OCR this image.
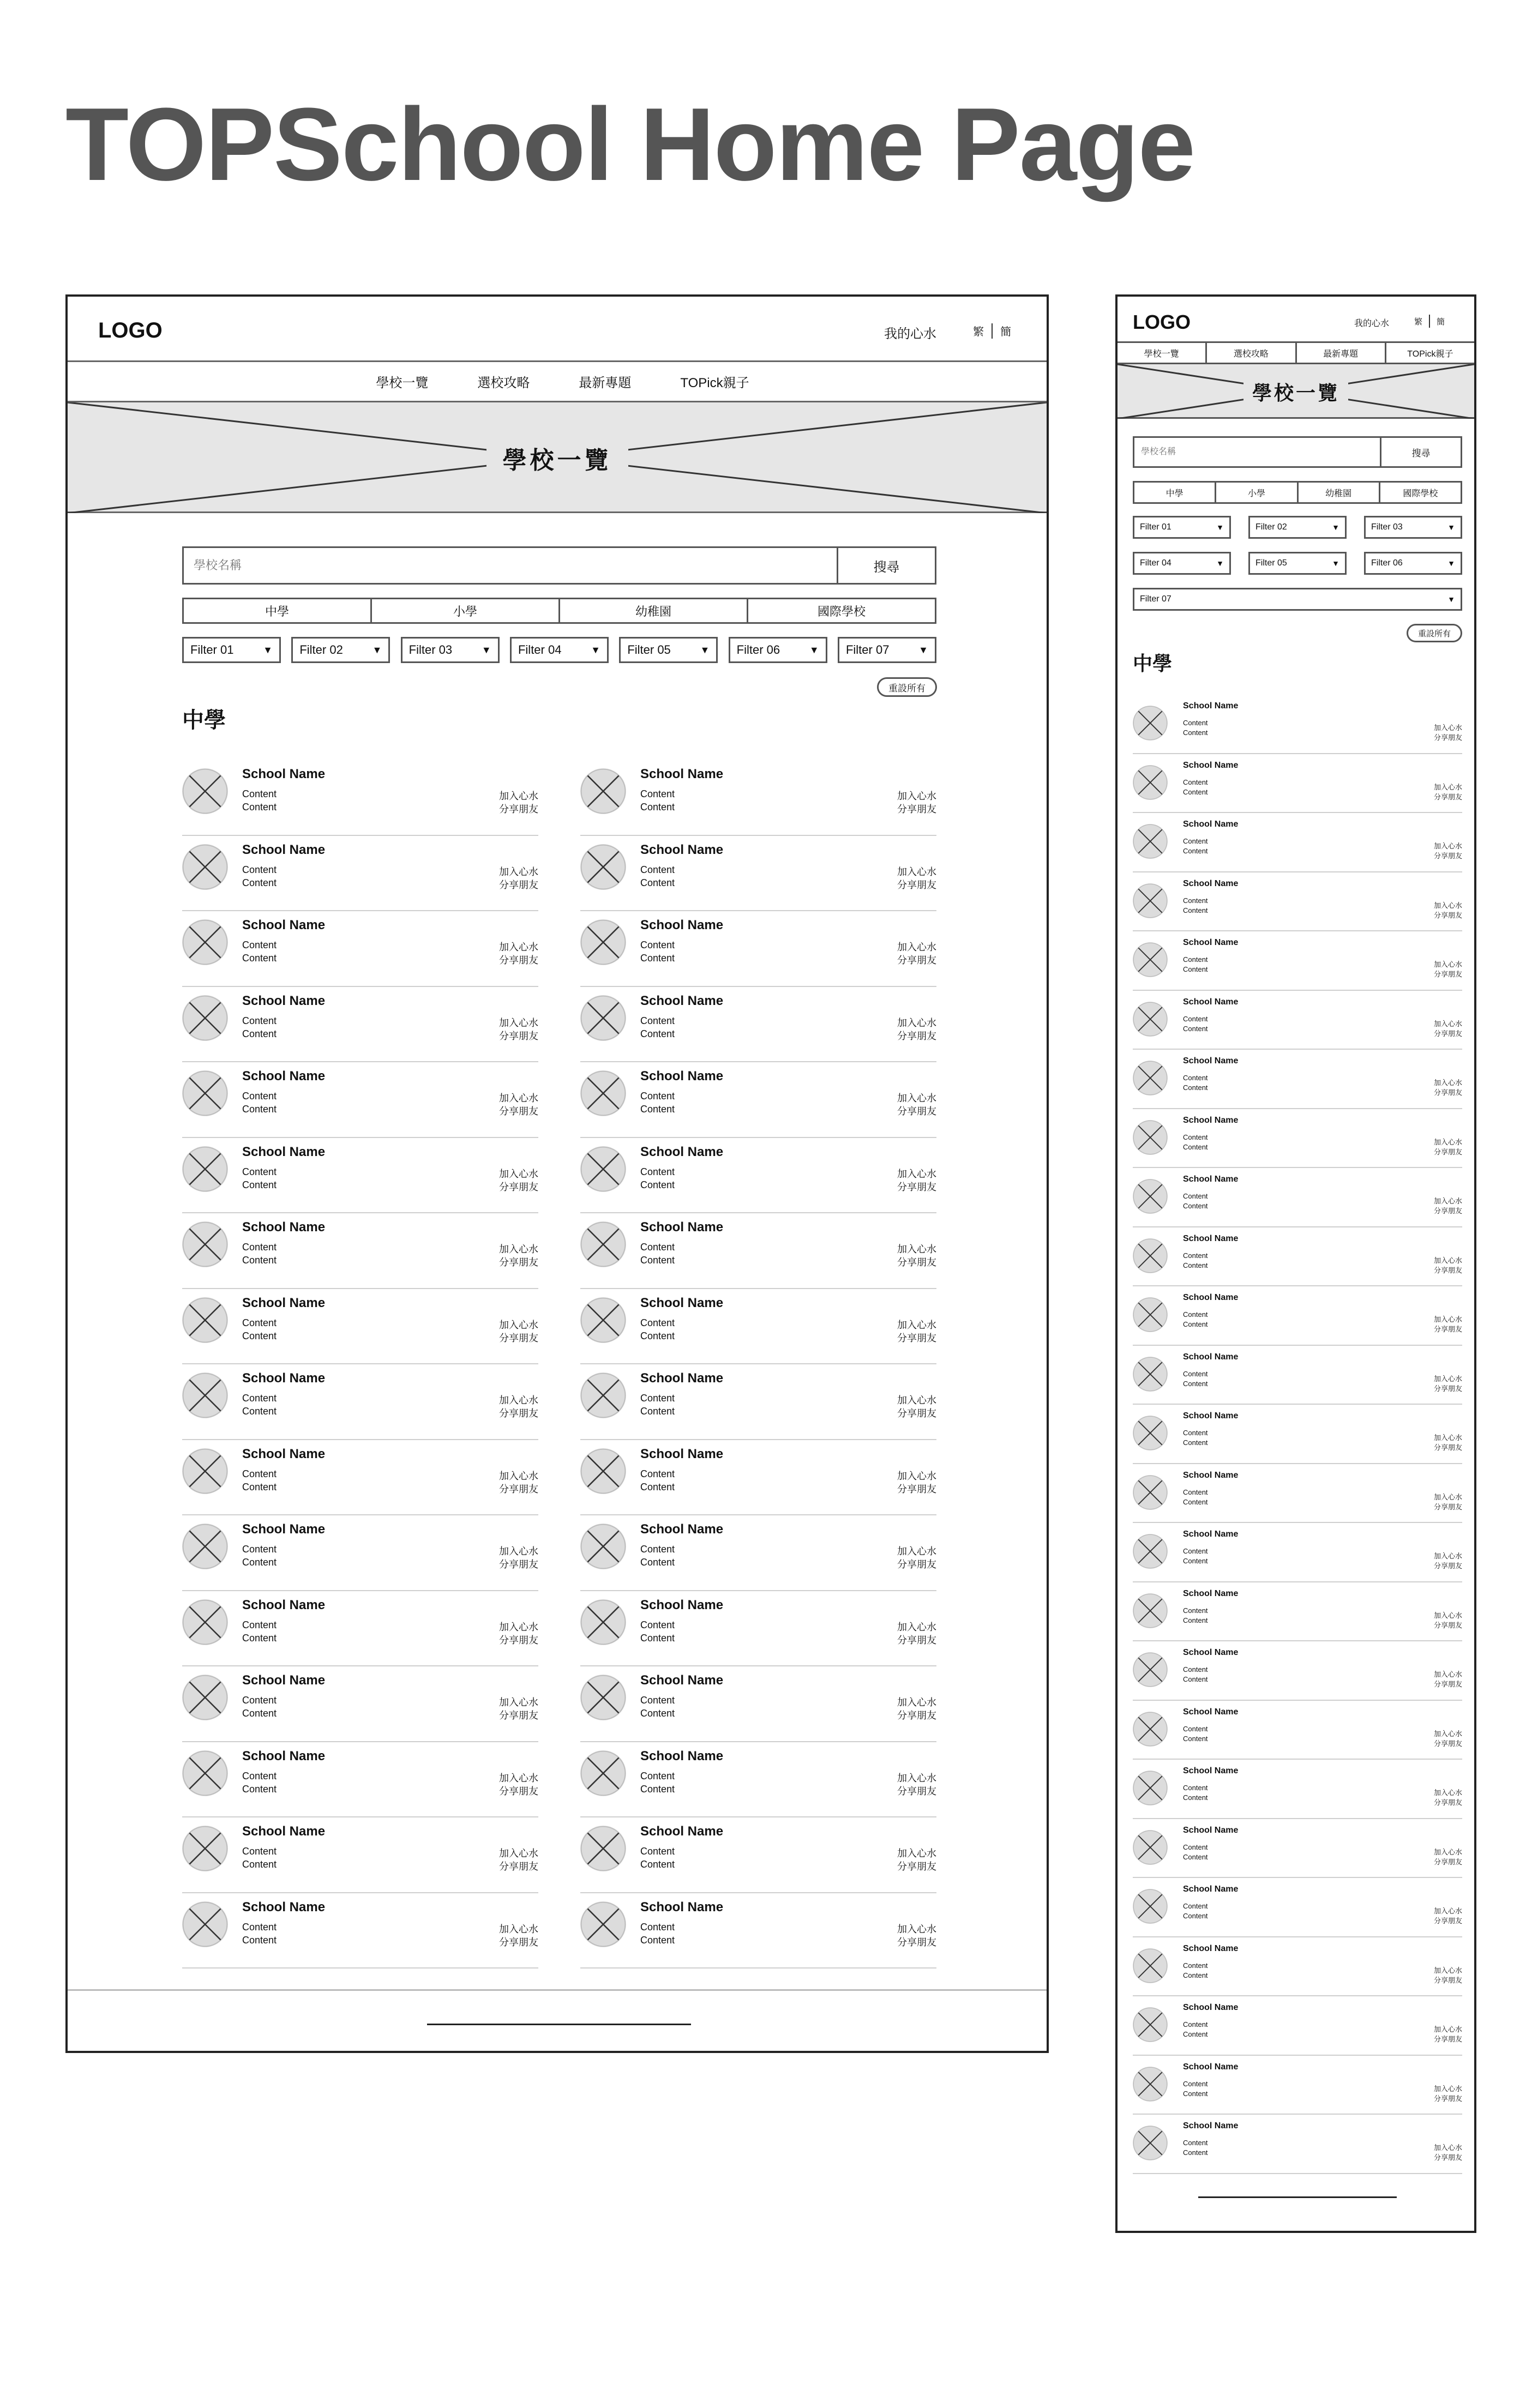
TOPSchool Home Page
LOGO	我的心水	繁 簡
學校一覽	選校攻略	最新專題	TOPick親子
學校一覽
學校名稱
搜尋
中學	小學	幼稚園	國際學校
Filter 01	▼ Filter 02	▼ Filter 03	▼ Filter 04	▼ Filter 05	▼ Filter 06	▼ Filter 07	▼
重設所有
中學
School Name
Content
Content
加入心水
分享朋友
School Name
Content
Content
加入心水
分享朋友
School Name
Content
Content
加入心水
分享朋友
School Name
Content
Content
加入心水
分享朋友
School Name
Content
Content
加入心水
分享朋友
School Name
Content
Content
加入心水
分享朋友
School Name
Content
Content
加入心水
分享朋友
School Name
Content
Content
加入心水
分享朋友
School Name
Content
Content
加入心水
分享朋友
School Name
Content
Content
加入心水
分享朋友
School Name
Content
Content
加入心水
分享朋友
School Name
Content
Content
加入心水
分享朋友
School Name
Content
Content
加入心水
分享朋友
School Name
Content
Content
加入心水
分享朋友
School Name
Content
Content
加入心水
分享朋友
School Name
Content
Content
加入心水
分享朋友
School Name
Content
Content
加入心水
分享朋友
School Name
Content
Content
加入心水
分享朋友
School Name
Content
Content
加入心水
分享朋友
School Name
Content
Content
加入心水
分享朋友
School Name
Content
Content
加入心水
分享朋友
School Name
Content
Content
加入心水
分享朋友
School Name
Content
Content
加入心水
分享朋友
School Name
Content
Content
加入心水
分享朋友
School Name
Content
Content
加入心水
分享朋友
School Name
Content
Content
加入心水
分享朋友
School Name
Content
Content
加入心水
分享朋友
School Name
Content
Content
加入心水
分享朋友
School Name
Content
Content
加入心水
分享朋友
School Name
Content
Content
加入心水
分享朋友
School Name
Content
Content
加入心水
分享朋友
School Name
Content
Content
加入心水
分享朋友
LOGO	我的心水	繁 簡
學校一覽	選校攻略	最新專題	TOPick親子
學校一覽
學校名稱
搜尋
中學	小學	幼稚園	國際學校
Filter 01	▼	Filter 02	▼	Filter 03	▼
Filter 04	▼	Filter 05	▼	Filter 06	▼
Filter 07	▼
重設所有
中學
School Name
Content
Content
加入心水
分享朋友
School Name
Content
Content
加入心水
分享朋友
School Name
Content
Content
加入心水
分享朋友
School Name
Content
Content
加入心水
分享朋友
School Name
Content
Content
加入心水
分享朋友
School Name
Content
Content
加入心水
分享朋友
School Name
Content
Content
加入心水
分享朋友
School Name
Content
Content
加入心水
分享朋友
School Name
Content
Content
加入心水
分享朋友
School Name
Content
Content
加入心水
分享朋友
School Name
Content
Content
加入心水
分享朋友
School Name
Content
Content
加入心水
分享朋友
School Name
Content
Content
加入心水
分享朋友
School Name
Content
Content
加入心水
分享朋友
School Name
Content
Content
加入心水
分享朋友
School Name
Content
Content
加入心水
分享朋友
School Name
Content
Content
加入心水
分享朋友
School Name
Content
Content
加入心水
分享朋友
School Name
Content
Content
加入心水
分享朋友
School Name
Content
Content
加入心水
分享朋友
School Name
Content
Content
加入心水
分享朋友
School Name
Content
Content
加入心水
分享朋友
School Name
Content
Content
加入心水
分享朋友
School Name
Content
Content
加入心水
分享朋友
School Name
Content
Content
加入心水
分享朋友
